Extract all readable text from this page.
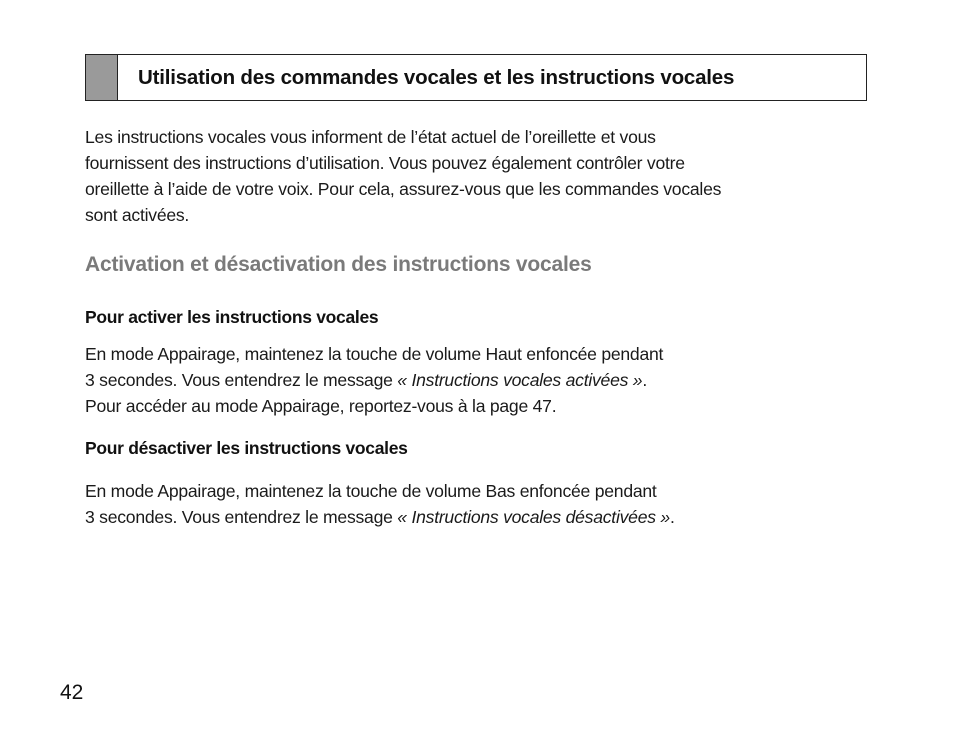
Utilisation des commandes vocales et les instructions vocales
Les instructions vocales vous informent de l’état actuel de l’oreillette et vous
fournissent des instructions d’utilisation. Vous pouvez également contrôler votre
oreillette à l’aide de votre voix. Pour cela, assurez-vous que les commandes vocales
sont activées.
Activation et désactivation des instructions vocales
Pour activer les instructions vocales
En mode Appairage, maintenez la touche de volume Haut enfoncée pendant
3 secondes. Vous entendrez le message « Instructions vocales activées ».
Pour accéder au mode Appairage, reportez-vous à la page 47.
Pour désactiver les instructions vocales
En mode Appairage, maintenez la touche de volume Bas enfoncée pendant
3 secondes. Vous entendrez le message « Instructions vocales désactivées ».
42
